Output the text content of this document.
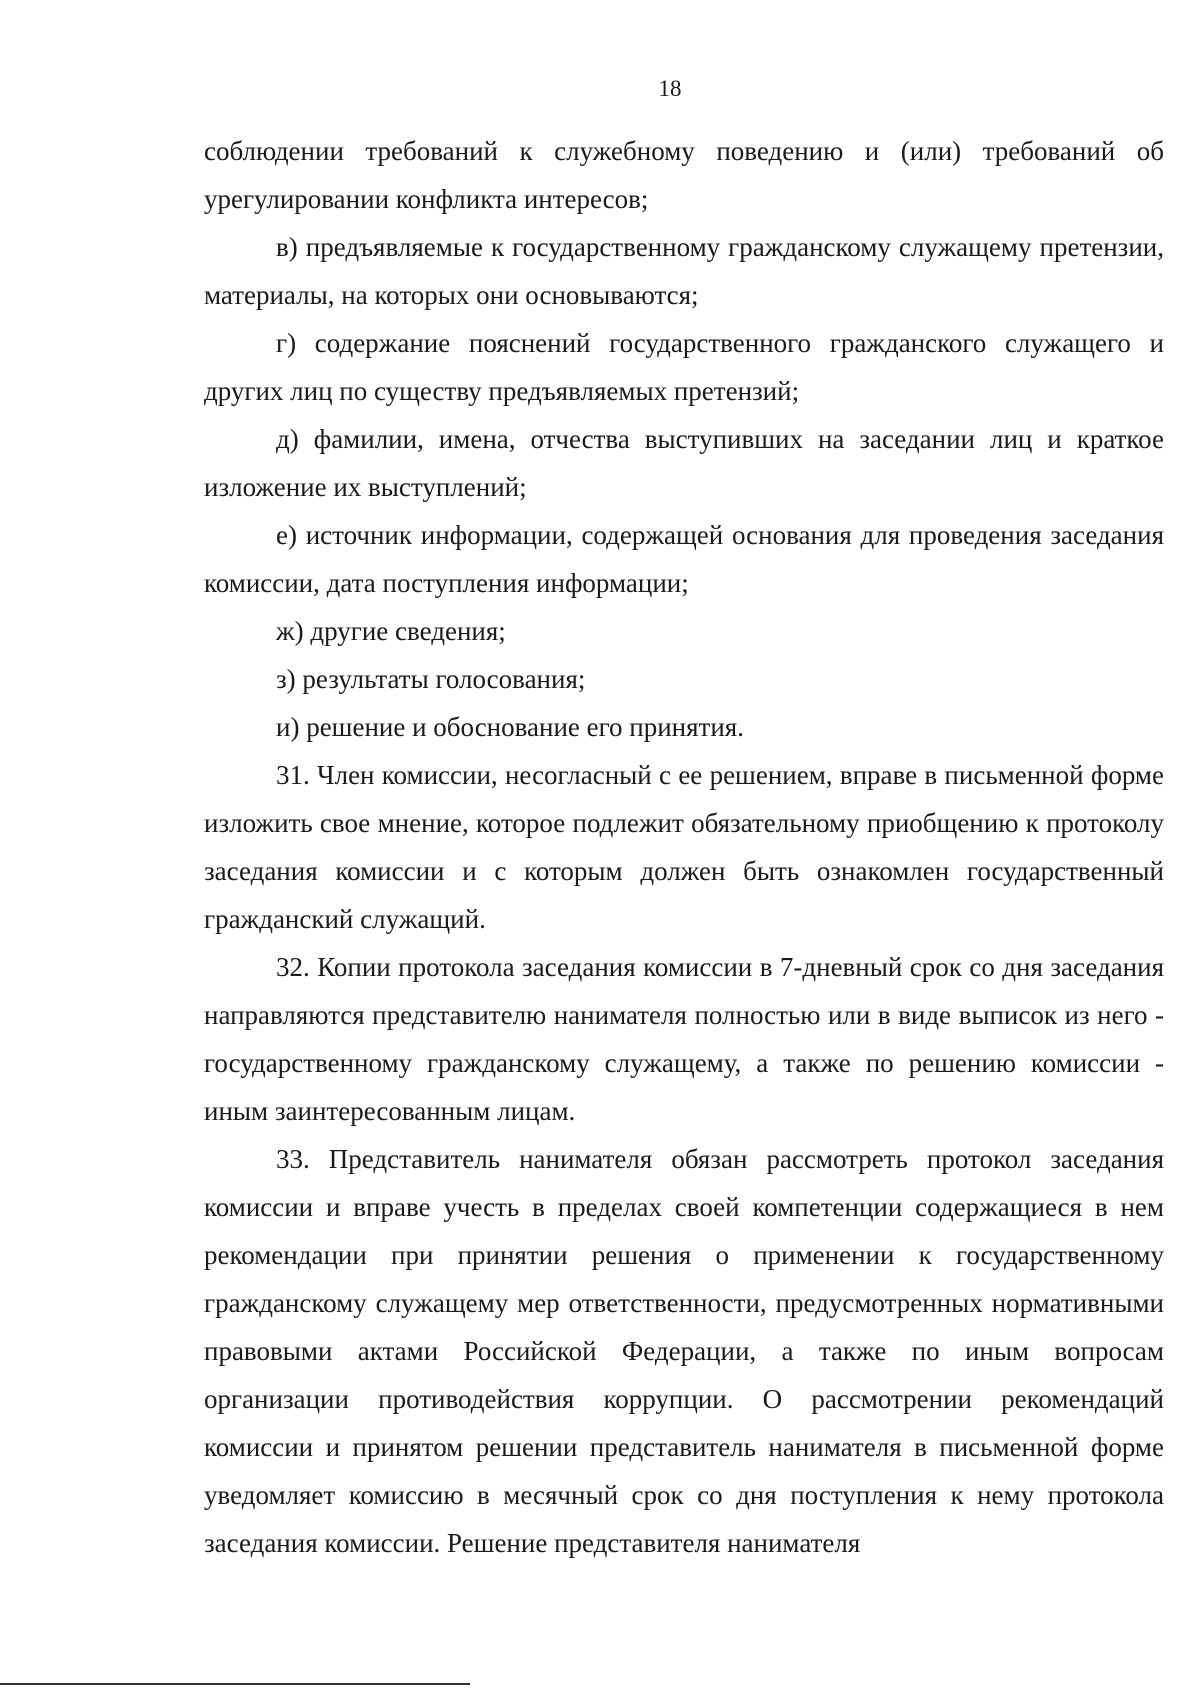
18

соблюдении требований к служебному поведению и (или) требований об урегулировании конфликта интересов;

в) предъявляемые к государственному гражданскому служащему претензии, материалы, на которых они основываются;

г) содержание пояснений государственного гражданского служащего и других лиц по существу предъявляемых претензий;

д) фамилии, имена, отчества выступивших на заседании лиц и краткое изложение их выступлений;

е) источник информации, содержащей основания для проведения заседания комиссии, дата поступления информации;

ж) другие сведения;

з) результаты голосования;

и) решение и обоснование его принятия.

31. Член комиссии, несогласный с ее решением, вправе в письменной форме изложить свое мнение, которое подлежит обязательному приобщению к протоколу заседания комиссии и с которым должен быть ознакомлен государственный гражданский служащий.

32. Копии протокола заседания комиссии в 7-дневный срок со дня заседания направляются представителю нанимателя полностью или в виде выписок из него - государственному гражданскому служащему, а также по решению комиссии - иным заинтересованным лицам.

33. Представитель нанимателя обязан рассмотреть протокол заседания комиссии и вправе учесть в пределах своей компетенции содержащиеся в нем рекомендации при принятии решения о применении к государственному гражданскому служащему мер ответственности, предусмотренных нормативными правовыми актами Российской Федерации, а также по иным вопросам организации противодействия коррупции. О рассмотрении рекомендаций комиссии и принятом решении представитель нанимателя в письменной форме уведомляет комиссию в месячный срок со дня поступления к нему протокола заседания комиссии. Решение представителя нанимателя
